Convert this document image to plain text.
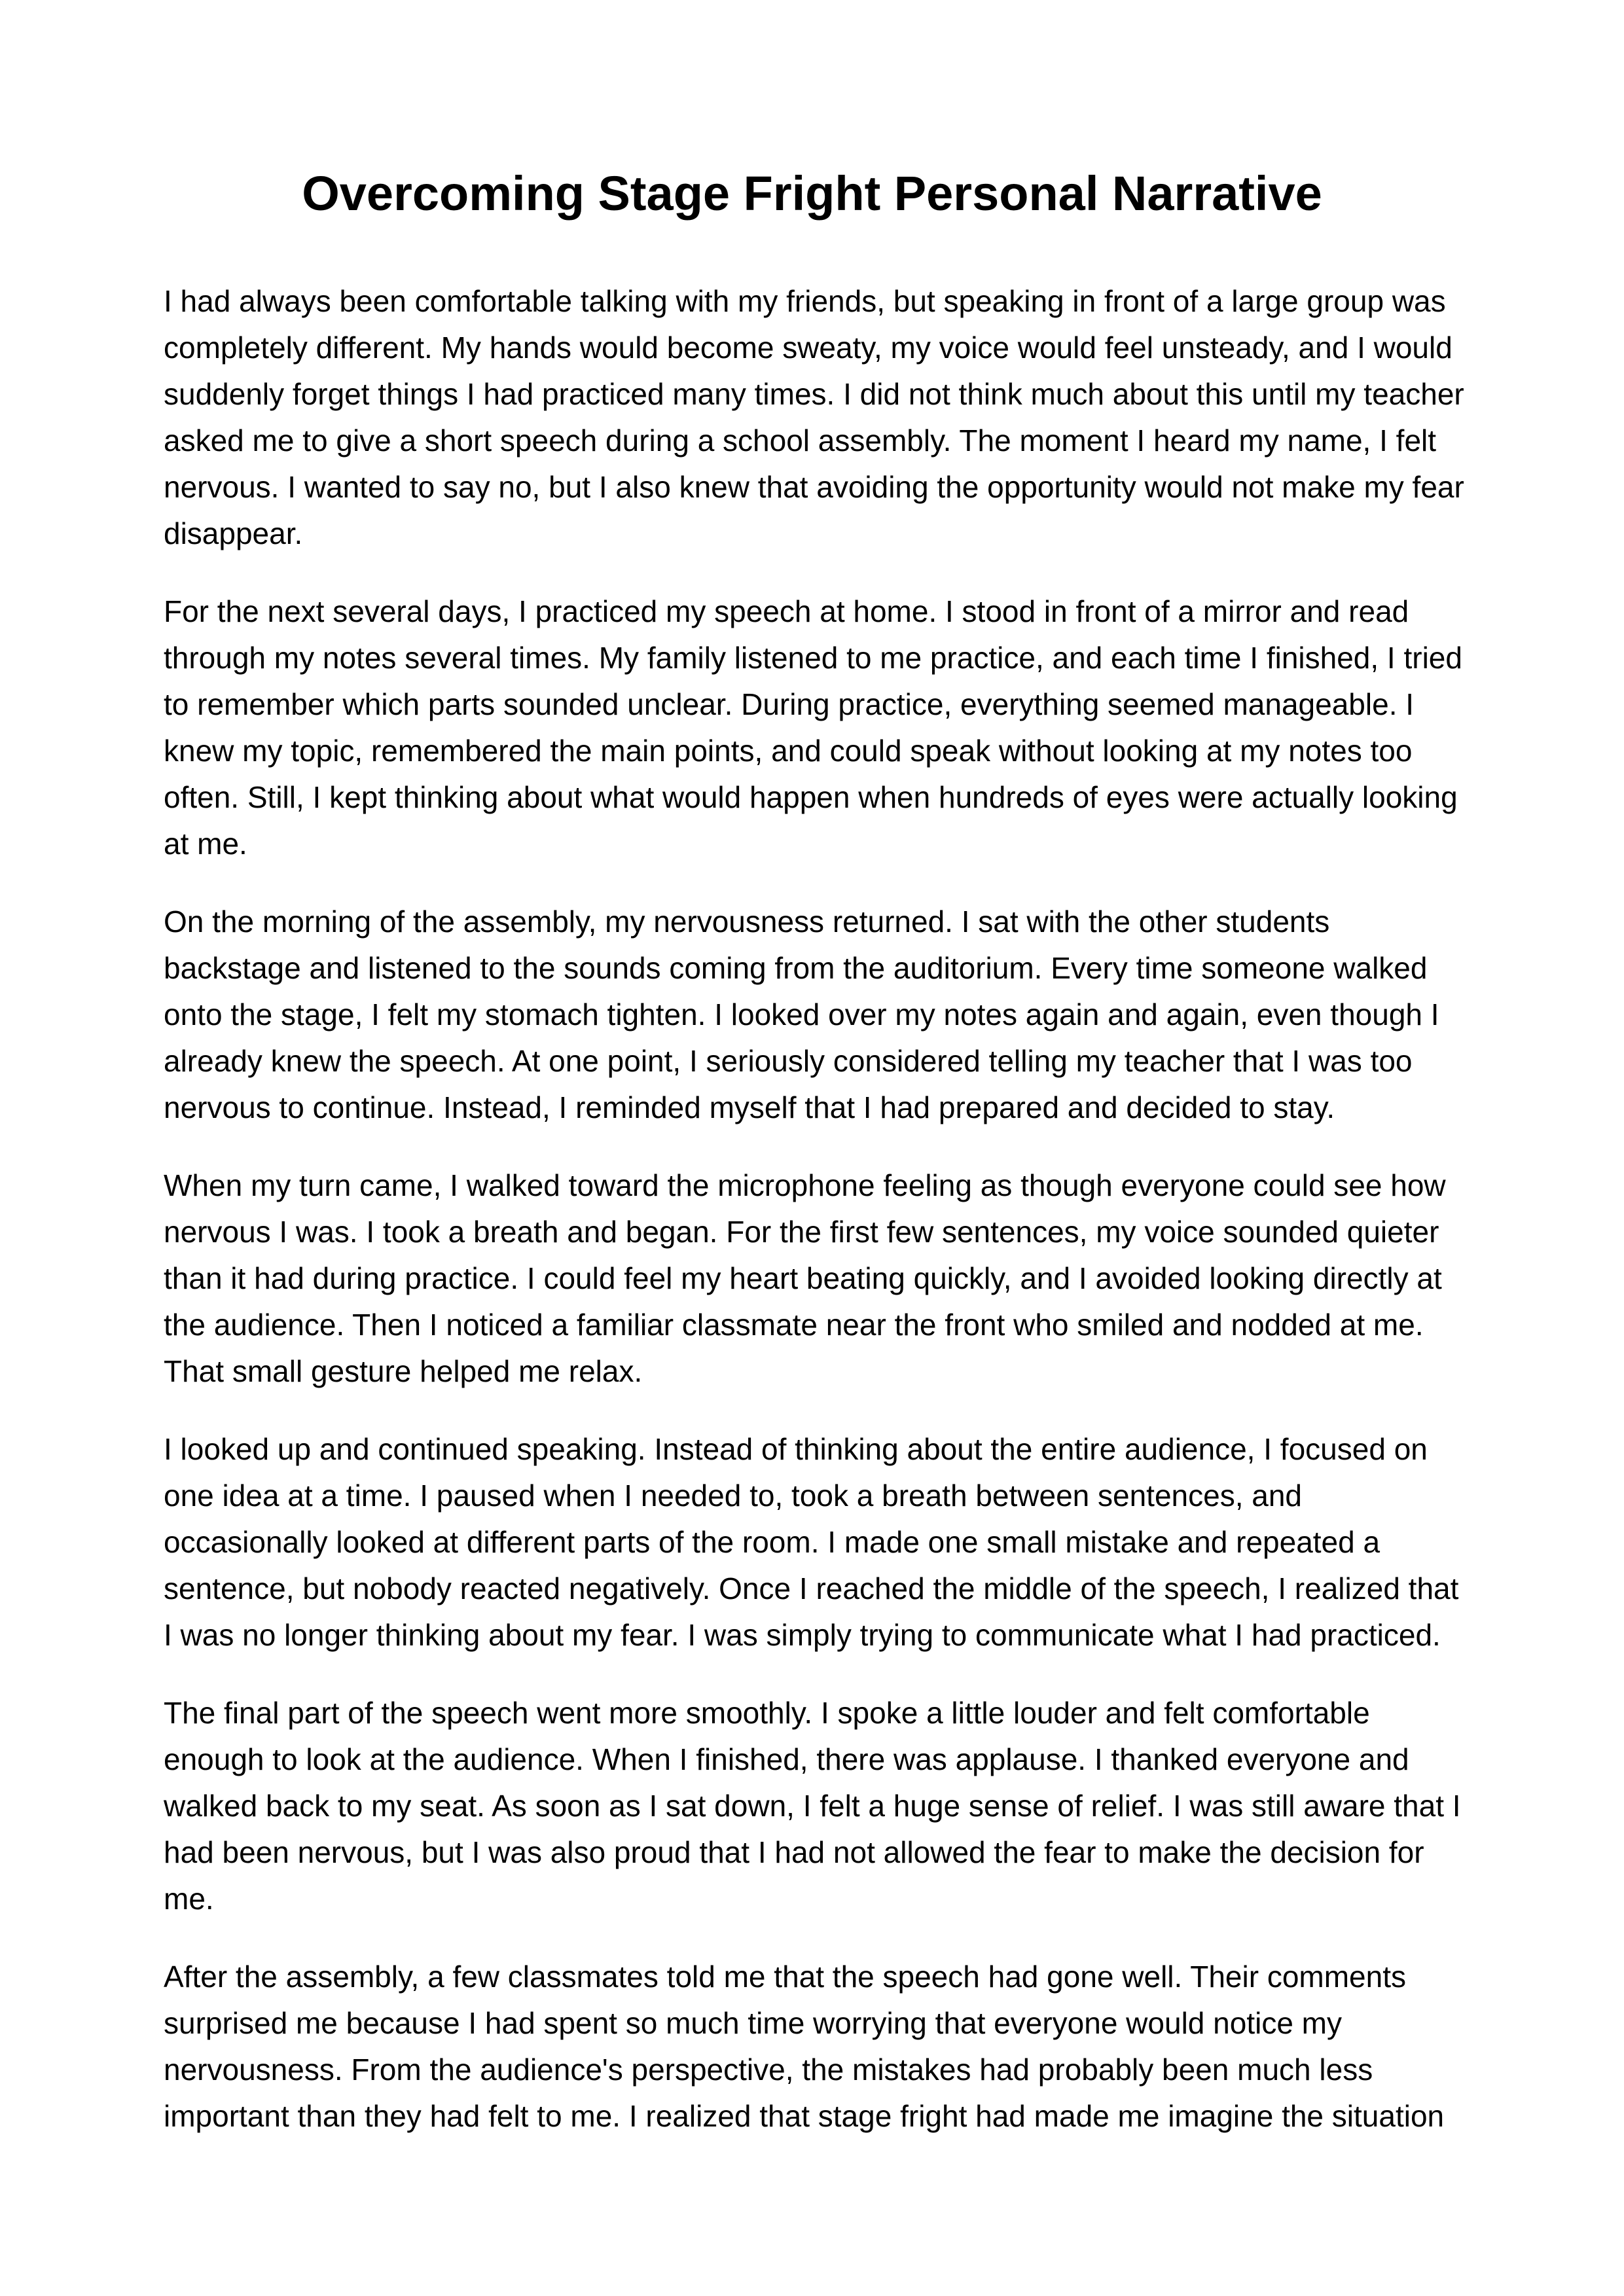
Overcoming Stage Fright Personal Narrative

I had always been comfortable talking with my friends, but speaking in front of a large group was completely different. My hands would become sweaty, my voice would feel unsteady, and I would suddenly forget things I had practiced many times. I did not think much about this until my teacher asked me to give a short speech during a school assembly. The moment I heard my name, I felt nervous. I wanted to say no, but I also knew that avoiding the opportunity would not make my fear disappear.

For the next several days, I practiced my speech at home. I stood in front of a mirror and read through my notes several times. My family listened to me practice, and each time I finished, I tried to remember which parts sounded unclear. During practice, everything seemed manageable. I knew my topic, remembered the main points, and could speak without looking at my notes too often. Still, I kept thinking about what would happen when hundreds of eyes were actually looking at me.

On the morning of the assembly, my nervousness returned. I sat with the other students backstage and listened to the sounds coming from the auditorium. Every time someone walked onto the stage, I felt my stomach tighten. I looked over my notes again and again, even though I already knew the speech. At one point, I seriously considered telling my teacher that I was too nervous to continue. Instead, I reminded myself that I had prepared and decided to stay.

When my turn came, I walked toward the microphone feeling as though everyone could see how nervous I was. I took a breath and began. For the first few sentences, my voice sounded quieter than it had during practice. I could feel my heart beating quickly, and I avoided looking directly at the audience. Then I noticed a familiar classmate near the front who smiled and nodded at me. That small gesture helped me relax.

I looked up and continued speaking. Instead of thinking about the entire audience, I focused on one idea at a time. I paused when I needed to, took a breath between sentences, and occasionally looked at different parts of the room. I made one small mistake and repeated a sentence, but nobody reacted negatively. Once I reached the middle of the speech, I realized that I was no longer thinking about my fear. I was simply trying to communicate what I had practiced.

The final part of the speech went more smoothly. I spoke a little louder and felt comfortable enough to look at the audience. When I finished, there was applause. I thanked everyone and walked back to my seat. As soon as I sat down, I felt a huge sense of relief. I was still aware that I had been nervous, but I was also proud that I had not allowed the fear to make the decision for me.

After the assembly, a few classmates told me that the speech had gone well. Their comments surprised me because I had spent so much time worrying that everyone would notice my nervousness. From the audience's perspective, the mistakes had probably been much less important than they had felt to me. I realized that stage fright had made me imagine the situation
